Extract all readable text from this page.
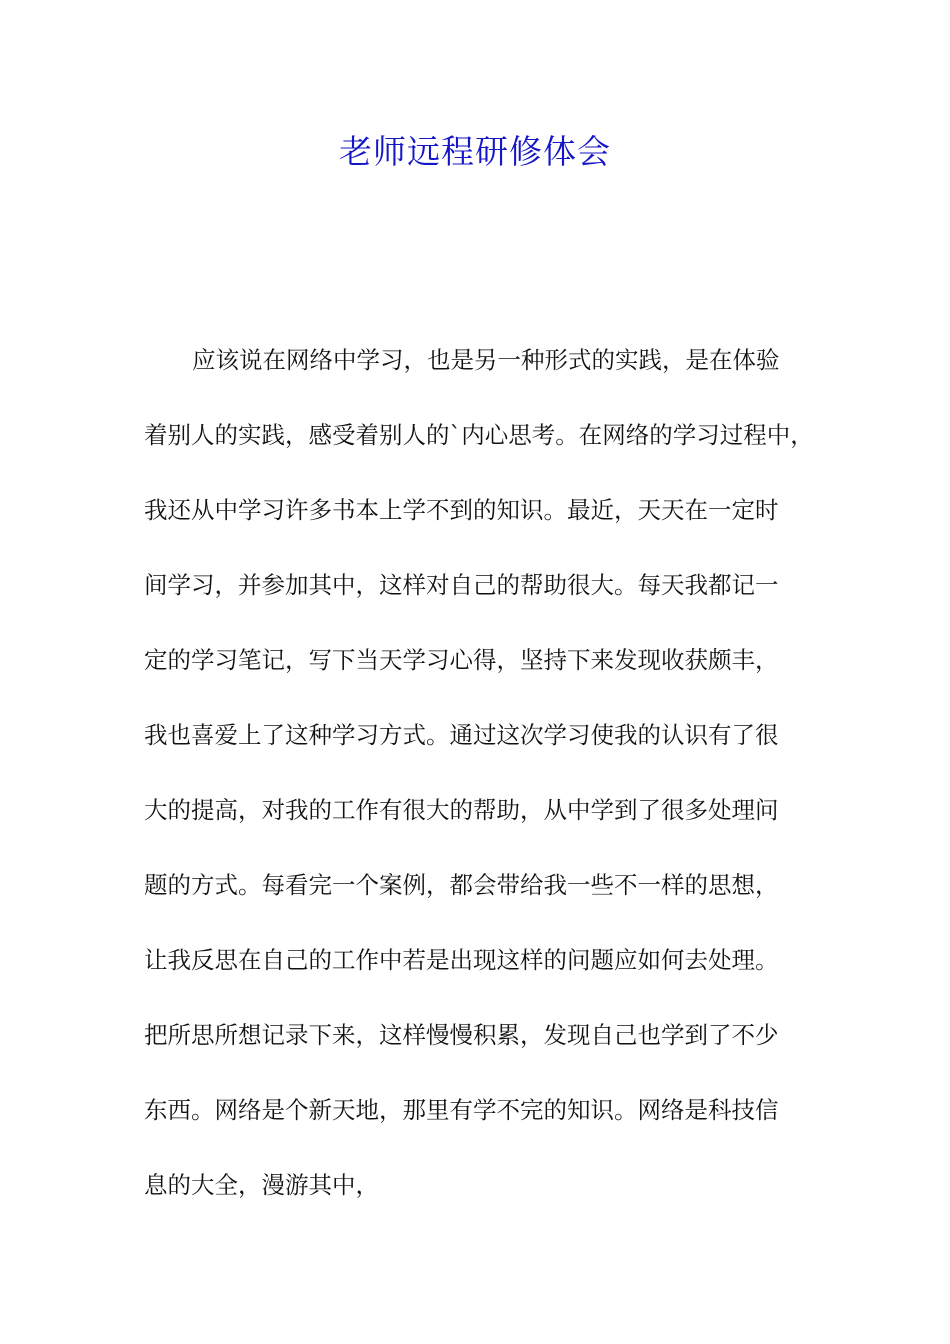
老师远程研修体会
应该说在网络中学习，也是另一种形式的实践，是在体验
着别人的实践，感受着别人的`内心思考。在网络的学习过程中，
我还从中学习许多书本上学不到的知识。最近，天天在一定时
间学习，并参加其中，这样对自己的帮助很大。每天我都记一
定的学习笔记，写下当天学习心得，坚持下来发现收获颇丰，
我也喜爱上了这种学习方式。通过这次学习使我的认识有了很
大的提高，对我的工作有很大的帮助，从中学到了很多处理问
题的方式。每看完一个案例，都会带给我一些不一样的思想，
让我反思在自己的工作中若是出现这样的问题应如何去处理。
把所思所想记录下来，这样慢慢积累，发现自己也学到了不少
东西。网络是个新天地，那里有学不完的知识。网络是科技信
息的大全，漫游其中，
